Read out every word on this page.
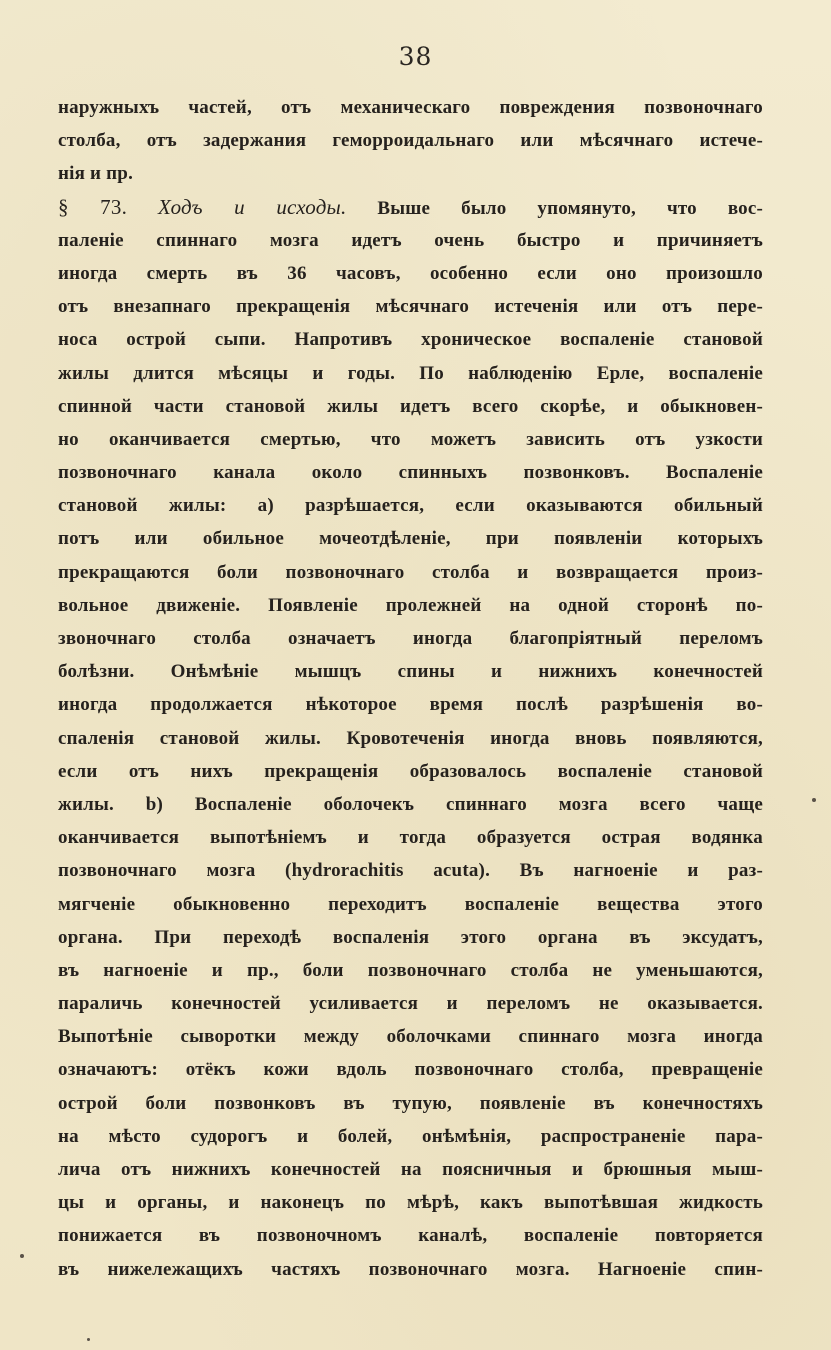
38
наружныхъ частей, отъ механическаго повреждения позвоночнаго
столба, отъ задержания геморроидальнаго или мѣсячнаго истече-
нія и пр.
§ 73. Ходъ и исходы. Выше было упомянуто, что вос-
паленіе спиннаго мозга идетъ очень быстро и причиняетъ
иногда смерть въ 36 часовъ, особенно если оно произошло
отъ внезапнаго прекращенія мѣсячнаго истеченія или отъ пере-
носа острой сыпи. Напротивъ хроническое воспаленіе становой
жилы длится мѣсяцы и годы. По наблюденію Ерле, воспаленіе
спинной части становой жилы идетъ всего скорѣе, и обыкновен-
но оканчивается смертью, что можетъ зависить отъ узкости
позвоночнаго канала около спинныхъ позвонковъ. Воспаленіе
становой жилы: а) разрѣшается, если оказываются обильный
потъ или обильное мочеотдѣленіе, при появленіи которыхъ
прекращаются боли позвоночнаго столба и возвращается произ-
вольное движеніе. Появленіе пролежней на одной сторонѣ по-
звоночнаго столба означаетъ иногда благопріятный переломъ
болѣзни. Онѣмѣніе мышцъ спины и нижнихъ конечностей
иногда продолжается нѣкоторое время послѣ разрѣшенія во-
спаленія становой жилы. Кровотеченія иногда вновь появляются,
если отъ нихъ прекращенія образовалось воспаленіе становой
жилы. b) Воспаленіе оболочекъ спиннаго мозга всего чаще
оканчивается выпотѣніемъ и тогда образуется острая водянка
позвоночнаго мозга (hydrorachitis acuta). Въ нагноеніе и раз-
мягченіе обыкновенно переходитъ воспаленіе вещества этого
органа. При переходѣ воспаленія этого органа въ эксудатъ,
въ нагноеніе и пр., боли позвоночнаго столба не уменьшаются,
параличь конечностей усиливается и переломъ не оказывается.
Выпотѣніе сыворотки между оболочками спиннаго мозга иногда
означаютъ: отёкъ кожи вдоль позвоночнаго столба, превращеніе
острой боли позвонковъ въ тупую, появленіе въ конечностяхъ
на мѣсто судорогъ и болей, онѣмѣнія, распространеніе пара-
лича отъ нижнихъ конечностей на поясничныя и брюшныя мыш-
цы и органы, и наконецъ по мѣрѣ, какъ выпотѣвшая жидкость
понижается въ позвоночномъ каналѣ, воспаленіе повторяется
въ нижележащихъ частяхъ позвоночнаго мозга. Нагноеніе спин-
